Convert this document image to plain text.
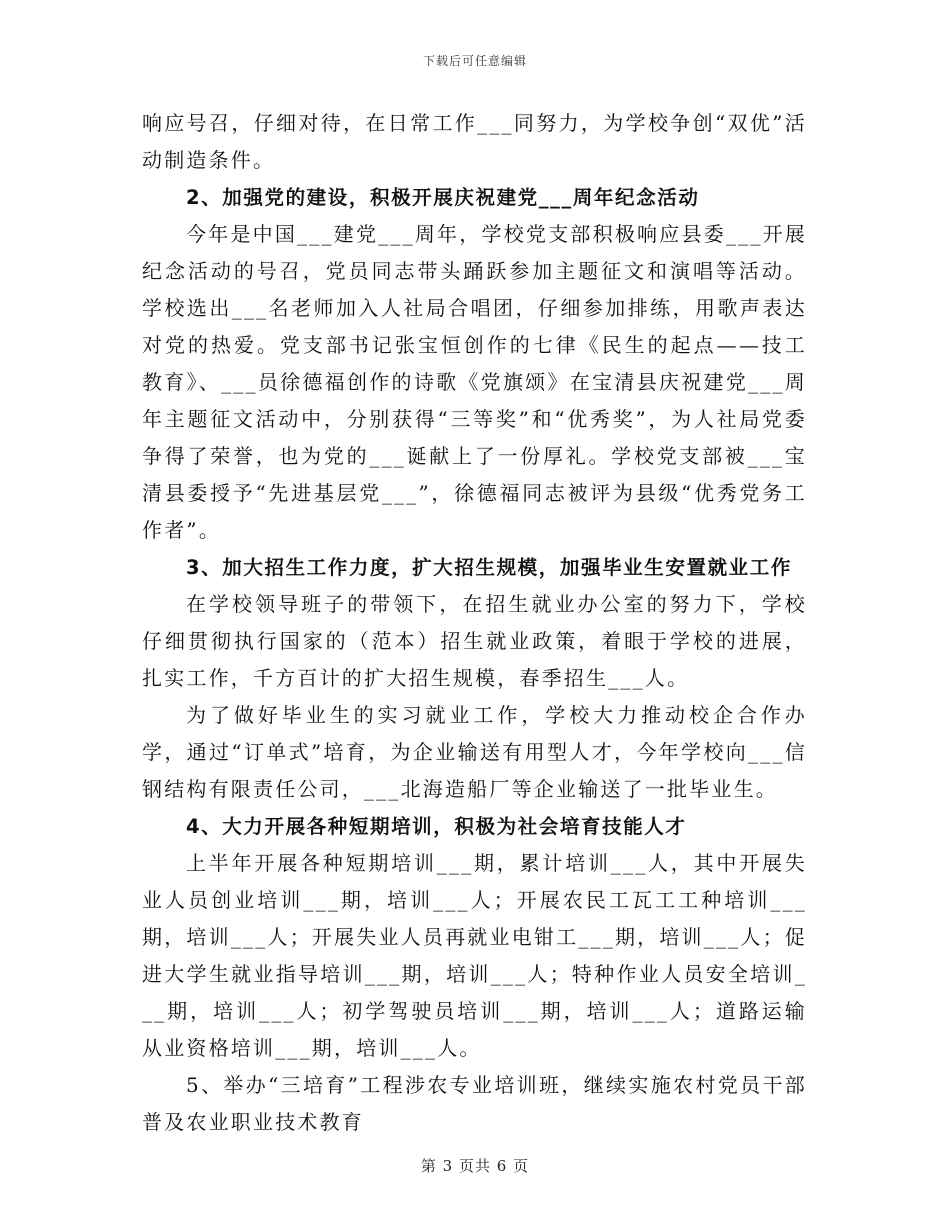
下载后可任意编辑

响应号召，仔细对待，在日常工作___同努力，为学校争创“双优”活动制造条件。

2、加强党的建设，积极开展庆祝建党___周年纪念活动

今年是中国___建党___周年，学校党支部积极响应县委___开展纪念活动的号召，党员同志带头踊跃参加主题征文和演唱等活动。学校选出___名老师加入人社局合唱团，仔细参加排练，用歌声表达对党的热爱。党支部书记张宝恒创作的七律《民生的起点——技工教育》、___员徐德福创作的诗歌《党旗颂》在宝清县庆祝建党___周年主题征文活动中，分别获得“三等奖”和“优秀奖”，为人社局党委争得了荣誉，也为党的___诞献上了一份厚礼。学校党支部被___宝清县委授予“先进基层党___”，徐德福同志被评为县级“优秀党务工作者”。

3、加大招生工作力度，扩大招生规模，加强毕业生安置就业工作

在学校领导班子的带领下，在招生就业办公室的努力下，学校仔细贯彻执行国家的（范本）招生就业政策，着眼于学校的进展，扎实工作，千方百计的扩大招生规模，春季招生___人。

为了做好毕业生的实习就业工作，学校大力推动校企合作办学，通过“订单式”培育，为企业输送有用型人才，今年学校向___信钢结构有限责任公司，___北海造船厂等企业输送了一批毕业生。

4、大力开展各种短期培训，积极为社会培育技能人才

上半年开展各种短期培训___期，累计培训___人，其中开展失业人员创业培训___期，培训___人；开展农民工瓦工工种培训___期，培训___人；开展失业人员再就业电钳工___期，培训___人；促进大学生就业指导培训___期，培训___人；特种作业人员安全培训___期，培训___人；初学驾驶员培训___期，培训___人；道路运输从业资格培训___期，培训___人。

5、举办“三培育”工程涉农专业培训班，继续实施农村党员干部普及农业职业技术教育

第 3 页共 6 页
